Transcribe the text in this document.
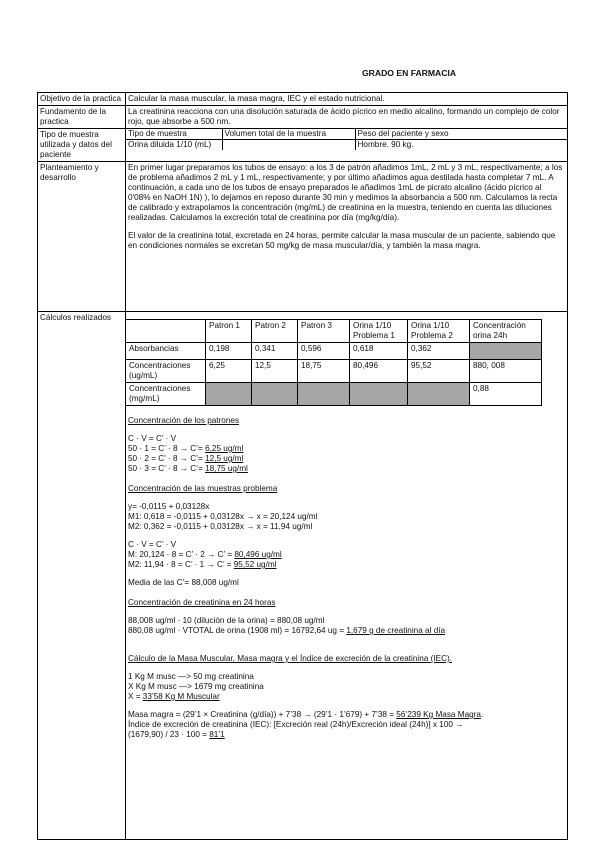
GRADO EN FARMACIA
Objetivo de la practica	Calcular la masa muscular, la masa magra, IEC y el estado nutricional.
Fundamento de la practica	La creatinina reacciona con una disolución saturada de ácido pícrico en medio alcalino, formando un complejo de color rojo, que absorbe a 500 nm.
Tipo de muestra utilizada y datos del paciente	
Tipo de muestra	Volumen total de la muestra	Peso del paciente y sexo
Orina diluida 1/10 (mL)		Hombre. 90 kg.

Planteamiento y desarrollo	

En primer lugar preparamos los tubos de ensayo: a los 3 de patrón añadimos 1mL, 2 mL y 3 mL, respectivamente; a los de problema añadimos 2 mL y 1 mL, respectivamente; y por último añadimos agua destilada hasta completar 7 mL. A continuación, a cada uno de los tubos de ensayo preparados le añadimos 1mL de picrato alcalino (ácido pícrico al 0'08% en NaOH 1N) ), lo dejamos en reposo durante 30 min y medimos la absorbancia a 500 nm. Calculamos la recta de calibrado y extrapolamos la concentración (mg/mL) de creatinina en la muestra, teniendo en cuenta las diluciones realizadas. Calculamos la excreción total de creatinina por día (mg/kg/día).

El valor de la creatinina total, excretada en 24 horas, permite calcular la masa muscular de un paciente, sabiendo que en condiciones normales se excretan 50 mg/kg de masa muscular/día, y también la masa magra.

Cálculos realizados	
	Patron 1	Patron 2	Patron 3	Orina 1/10 Problema 1	Orina 1/10 Problema 2	Concentración orina 24h
Absorbancias	0,198	0,341	0,596	0,618	0,362	
Concentraciones (ug/mL)	6,25	12,5	18,75	80,496	95,52	880, 008
Concentraciones (mg/mL)						0,88

Concentración de los patrones

C · V = C’ · V

50 · 1 = C’ · 8 → C’= 6,25 ug/ml

50 · 2 = C’ · 8 → C’= 12,5 ug/ml

50 · 3 = C’ · 8 → C’= 18,75 ug/ml

Concentración de las muestras problema

y= -0,0115 + 0,03128x

M1: 0,618 = -0,0115 + 0,03128x → x = 20,124 ug/ml

M2: 0,362 = -0,0115 + 0,03128x → x = 11,94 ug/ml

C · V = C’ · V

M: 20,124 · 8 = C’ · 2 → C’ = 80,496 ug/ml

M2: 11,94 · 8 = C’ · 1 → C’ = 95,52 ug/ml

Media de las C’= 88,008 ug/ml

Concentración de creatinina en 24 horas

88,008 ug/ml · 10 (dilución de la orina) = 880,08 ug/ml

880,08 ug/ml · VTOTAL de orina (1908 ml) = 16792,64 ug = 1,679 g de creatinina al día

Cálculo de la Masa Muscular, Masa magra y el Índice de excreción de la creatinina (IEC).

1 Kg M musc —> 50 mg creatinina

X Kg M musc —> 1679 mg creatinina

X = 33’58 Kg M Muscular

Masa magra = (29’1 × Creatinina (g/día)) + 7’38 → (29’1 · 1’679) + 7’38 = 56’239 Kg Masa Magra.

Índice de excreción de creatinina (IEC): [Excreción real (24h)/Excreción ideal (24h)] x 100 →

(1679,90) / 23 · 100 = 81’1
